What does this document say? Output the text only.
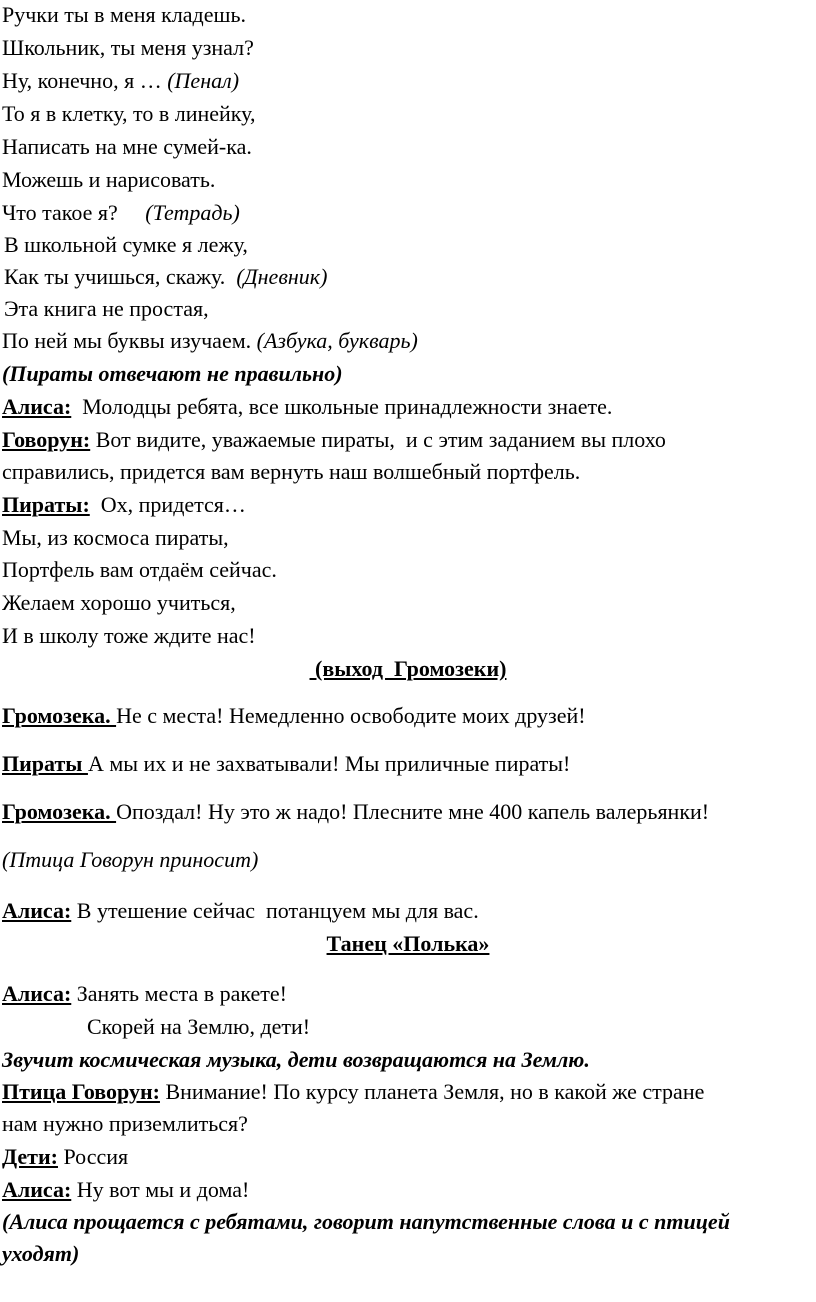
Ручки ты в меня кладешь.
Школьник, ты меня узнал?
Ну, конечно, я … (Пенал)
То я в клетку, то в линейку,
Написать на мне сумей-ка.
Можешь и нарисовать.
Что такое я?     (Тетрадь)
В школьной сумке я лежу,
Как ты учишься, скажу.  (Дневник)
Эта книга не простая,
По ней мы буквы изучаем. (Азбука, букварь)
(Пираты отвечают не правильно)
Алиса:  Молодцы ребята, все школьные принадлежности знаете.
Говорун: Вот видите, уважаемые пираты,  и с этим заданием вы плохо
справились, придется вам вернуть наш волшебный портфель.
Пираты:  Ох, придется…
Мы, из космоса пираты,
Портфель вам отдаём сейчас.
Желаем хорошо учиться,
И в школу тоже ждите нас!
(выход  Громозеки)
Громозека. Не с места! Немедленно освободите моих друзей!
Пираты А мы их и не захватывали! Мы приличные пираты!
Громозека. Опоздал! Ну это ж надо! Плесните мне 400 капель валерьянки!
(Птица Говорун приносит)
Алиса: В утешение сейчас  потанцуем мы для вас.
Танец «Полька»
Алиса: Занять места в ракете!
Скорей на Землю, дети!
Звучит космическая музыка, дети возвращаются на Землю.
Птица Говорун: Внимание! По курсу планета Земля, но в какой же стране
нам нужно приземлиться?
Дети: Россия
Алиса: Ну вот мы и дома!
(Алиса прощается с ребятами, говорит напутственные слова и с птицей
уходят)
